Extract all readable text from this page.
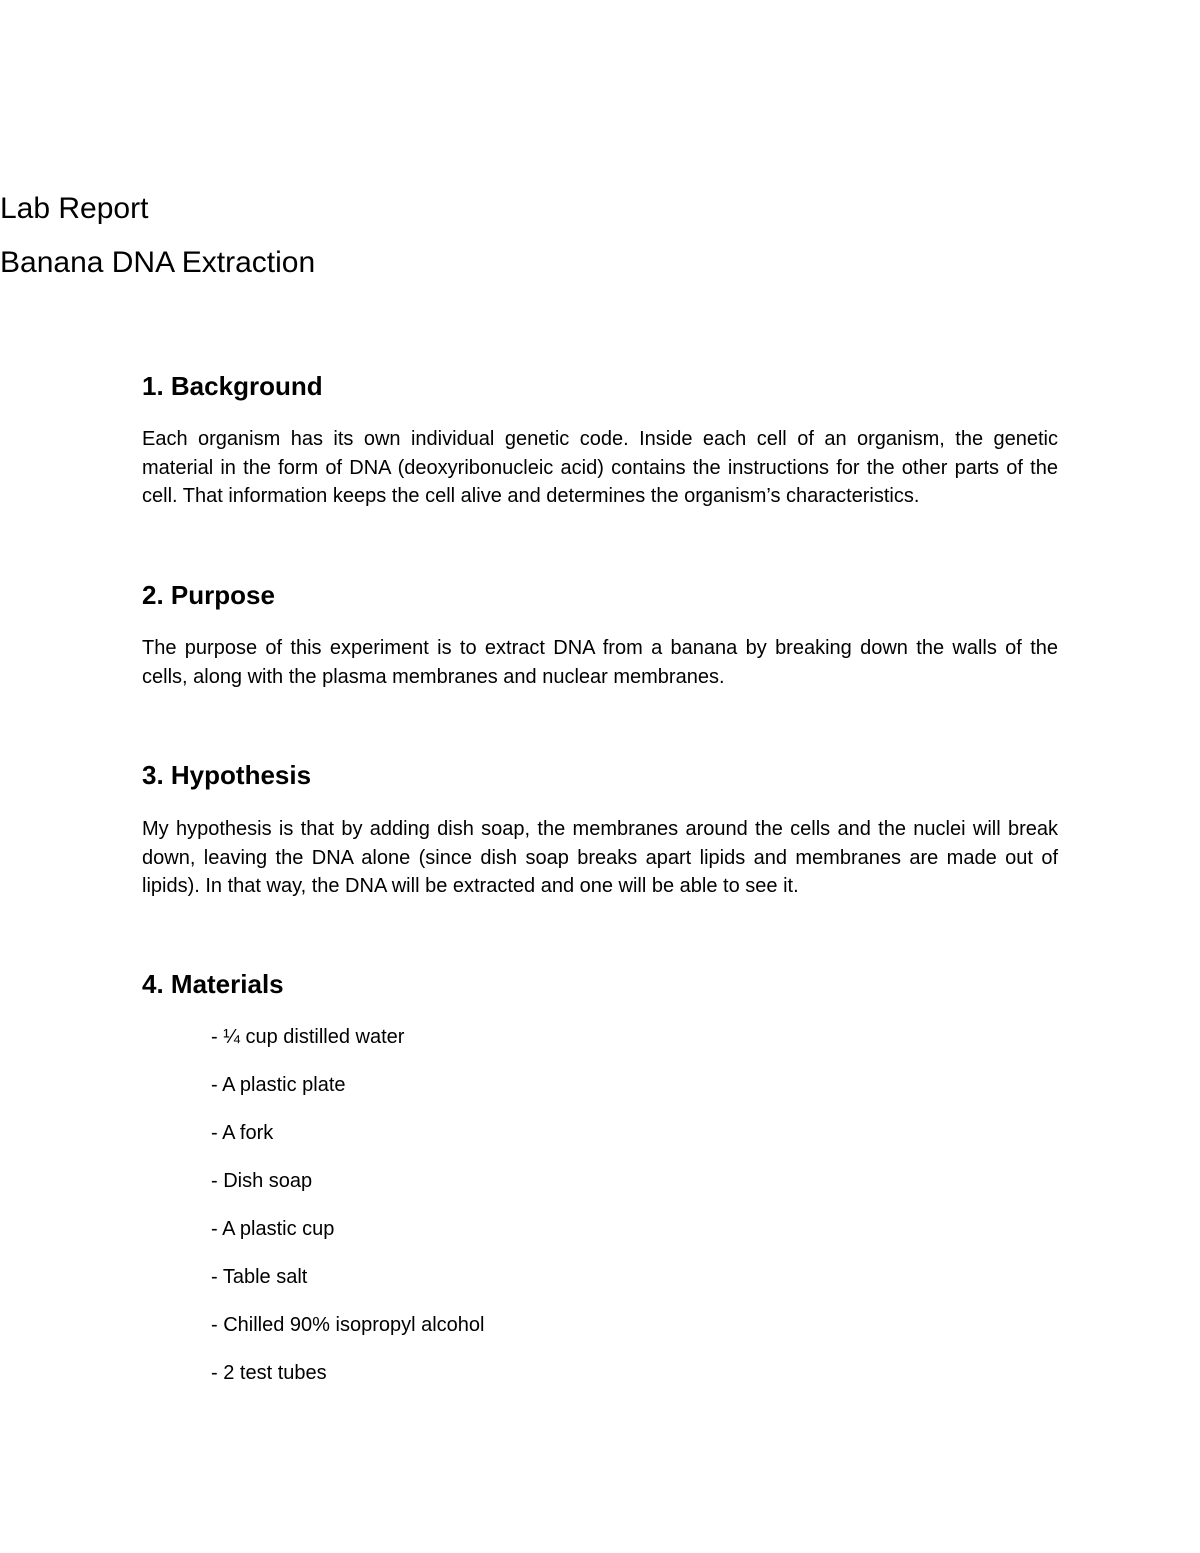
Lab Report
Banana DNA Extraction
1. Background

Each organism has its own individual genetic code. Inside each cell of an organism, the genetic material in the form of DNA (deoxyribonucleic acid) contains the instructions for the other parts of the cell. That information keeps the cell alive and determines the organism’s characteristics.

2. Purpose

The purpose of this experiment is to extract DNA from a banana by breaking down the walls of the cells, along with the plasma membranes and nuclear membranes.

3. Hypothesis

My hypothesis is that by adding dish soap, the membranes around the cells and the nuclei will break down, leaving the DNA alone (since dish soap breaks apart lipids and membranes are made out of lipids). In that way, the DNA will be extracted and one will be able to see it.

4. Materials
- ¼ cup distilled water
- A plastic plate
- A fork
- Dish soap
- A plastic cup
- Table salt
- Chilled 90% isopropyl alcohol
- 2 test tubes
